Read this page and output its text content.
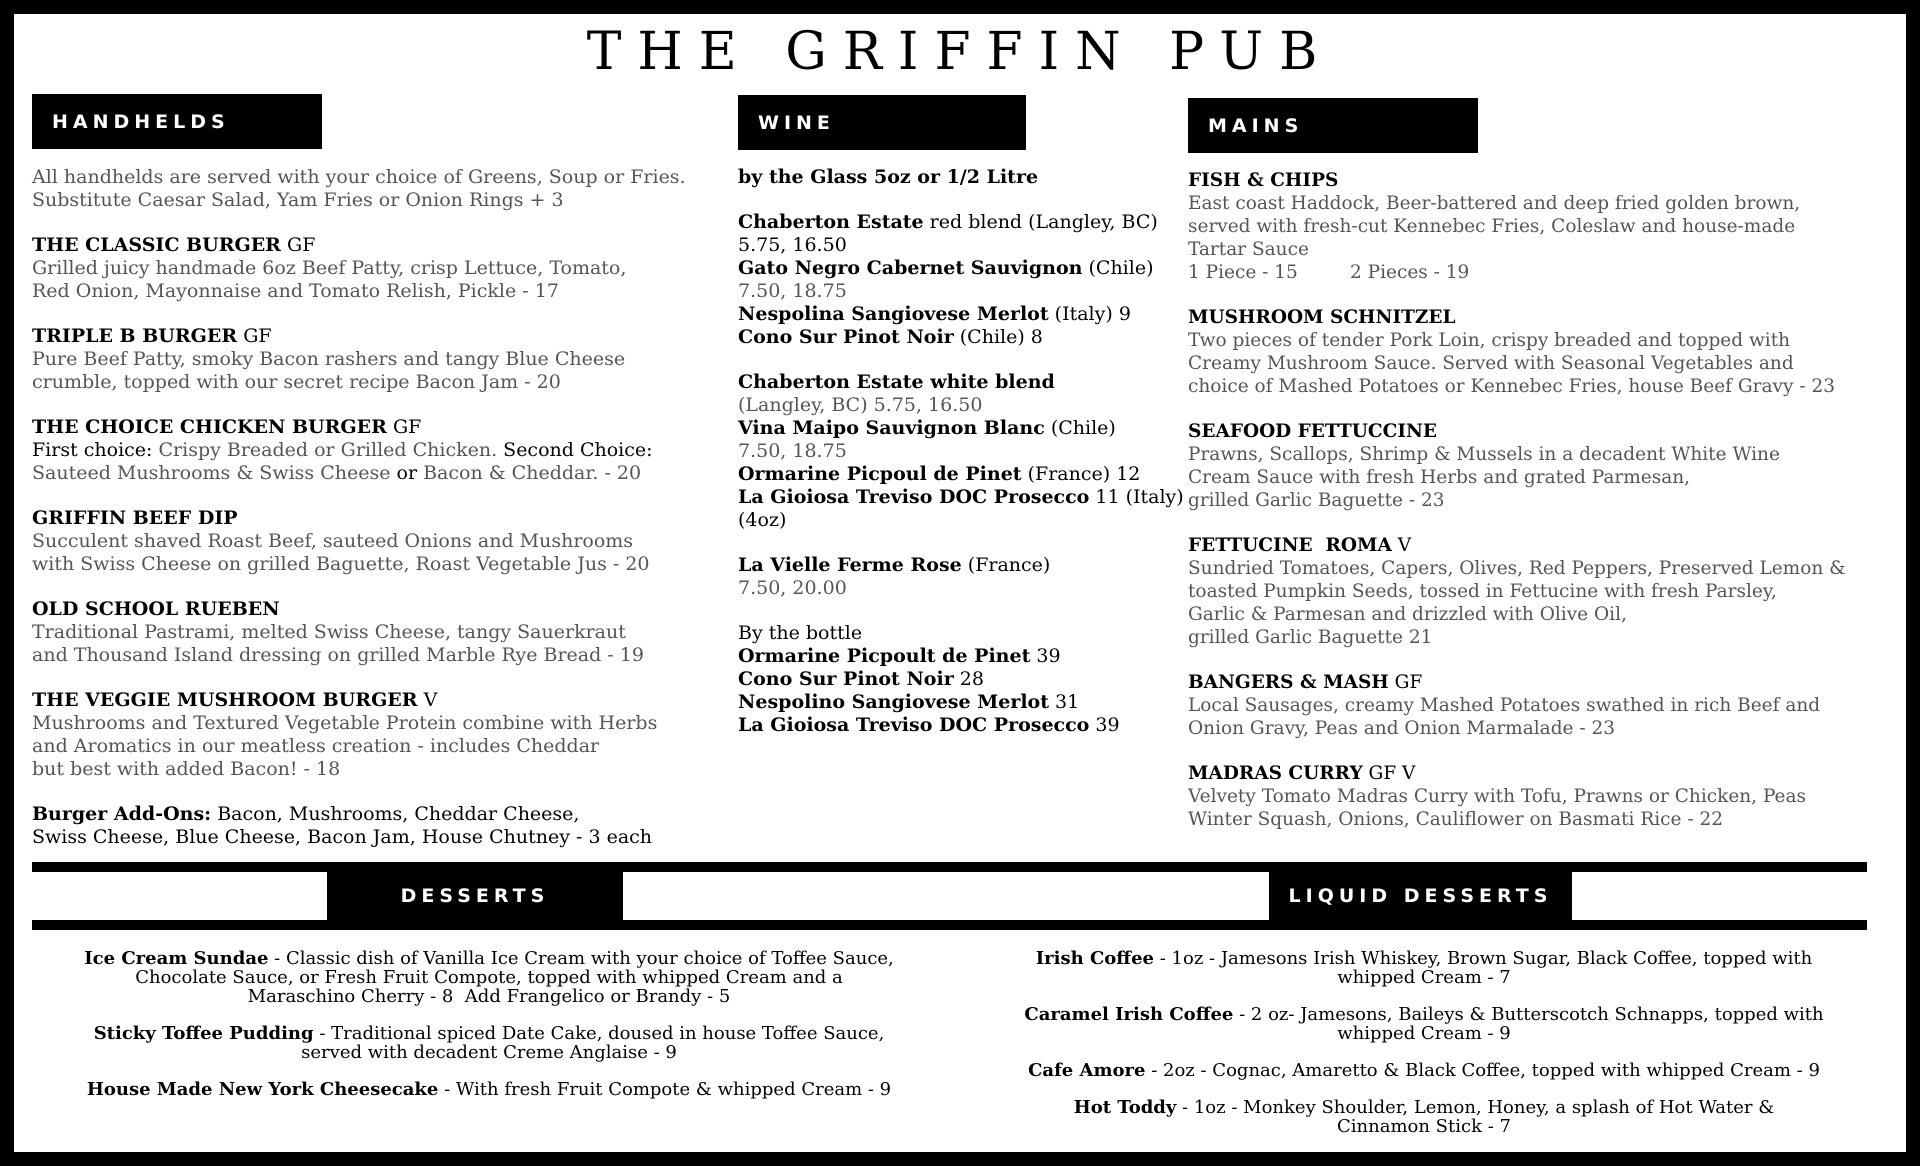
THE GRIFFIN PUB
HANDHELDS

All handhelds are served with your choice of Greens, Soup or Fries. Substitute Caesar Salad, Yam Fries or Onion Rings + 3

THE CLASSIC BURGER GF

Grilled juicy handmade 6oz Beef Patty, crisp Lettuce, Tomato,

Red Onion, Mayonnaise and Tomato Relish, Pickle - 17

TRIPLE B BURGER GF

Pure Beef Patty, smoky Bacon rashers and tangy Blue Cheese

crumble, topped with our secret recipe Bacon Jam - 20

THE CHOICE CHICKEN BURGER GF

First choice: Crispy Breaded or Grilled Chicken. Second Choice:

Sauteed Mushrooms & Swiss Cheese or Bacon & Cheddar. - 20

GRIFFIN BEEF DIP

Succulent shaved Roast Beef, sauteed Onions and Mushrooms

with Swiss Cheese on grilled Baguette, Roast Vegetable Jus - 20

OLD SCHOOL RUEBEN

Traditional Pastrami, melted Swiss Cheese, tangy Sauerkraut

and Thousand Island dressing on grilled Marble Rye Bread - 19

THE VEGGIE MUSHROOM BURGER V

Mushrooms and Textured Vegetable Protein combine with Herbs

and Aromatics in our meatless creation - includes Cheddar

but best with added Bacon! - 18

Burger Add-Ons: Bacon, Mushrooms, Cheddar Cheese,

Swiss Cheese, Blue Cheese, Bacon Jam, House Chutney - 3 each

WINE

by the Glass 5oz or 1/2 Litre

Chaberton Estate red blend (Langley, BC)

5.75, 16.50

Gato Negro Cabernet Sauvignon (Chile)

7.50, 18.75

Nespolina Sangiovese Merlot (Italy) 9

Cono Sur Pinot Noir (Chile) 8

Chaberton Estate white blend

(Langley, BC) 5.75, 16.50

Vina Maipo Sauvignon Blanc (Chile)

7.50, 18.75

Ormarine Picpoul de Pinet (France) 12

La Gioiosa Treviso DOC Prosecco 11 (Italy)

(4oz)

La Vielle Ferme Rose (France)

7.50, 20.00

By the bottle

Ormarine Picpoult de Pinet 39

Cono Sur Pinot Noir 28

Nespolino Sangiovese Merlot 31

La Gioiosa Treviso DOC Prosecco 39

MAINS

FISH & CHIPS

East coast Haddock, Beer-battered and deep fried golden brown,

served with fresh-cut Kennebec Fries, Coleslaw and house-made

Tartar Sauce

1 Piece - 15	2 Pieces - 19

MUSHROOM SCHNITZEL

Two pieces of tender Pork Loin, crispy breaded and topped with

Creamy Mushroom Sauce. Served with Seasonal Vegetables and

choice of Mashed Potatoes or Kennebec Fries, house Beef Gravy - 23

SEAFOOD FETTUCCINE

Prawns, Scallops, Shrimp & Mussels in a decadent White Wine

Cream Sauce with fresh Herbs and grated Parmesan,

grilled Garlic Baguette - 23

FETTUCINE  ROMA V

Sundried Tomatoes, Capers, Olives, Red Peppers, Preserved Lemon &

toasted Pumpkin Seeds, tossed in Fettucine with fresh Parsley,

Garlic & Parmesan and drizzled with Olive Oil,

grilled Garlic Baguette 21

BANGERS & MASH GF

Local Sausages, creamy Mashed Potatoes swathed in rich Beef and

Onion Gravy, Peas and Onion Marmalade - 23

MADRAS CURRY GF V

Velvety Tomato Madras Curry with Tofu, Prawns or Chicken, Peas

Winter Squash, Onions, Cauliflower on Basmati Rice - 22

DESSERTS	LIQUID DESSERTS

Ice Cream Sundae - Classic dish of Vanilla Ice Cream with your choice of Toffee Sauce,
Chocolate Sauce, or Fresh Fruit Compote, topped with whipped Cream and a
Maraschino Cherry - 8  Add Frangelico or Brandy - 5

Sticky Toffee Pudding - Traditional spiced Date Cake, doused in house Toffee Sauce,
served with decadent Creme Anglaise - 9

House Made New York Cheesecake - With fresh Fruit Compote & whipped Cream - 9

Irish Coffee - 1oz - Jamesons Irish Whiskey, Brown Sugar, Black Coffee, topped with
whipped Cream - 7

Caramel Irish Coffee - 2 oz- Jamesons, Baileys & Butterscotch Schnapps, topped with
whipped Cream - 9

Cafe Amore - 2oz - Cognac, Amaretto & Black Coffee, topped with whipped Cream - 9

Hot Toddy - 1oz - Monkey Shoulder, Lemon, Honey, a splash of Hot Water &
Cinnamon Stick - 7
